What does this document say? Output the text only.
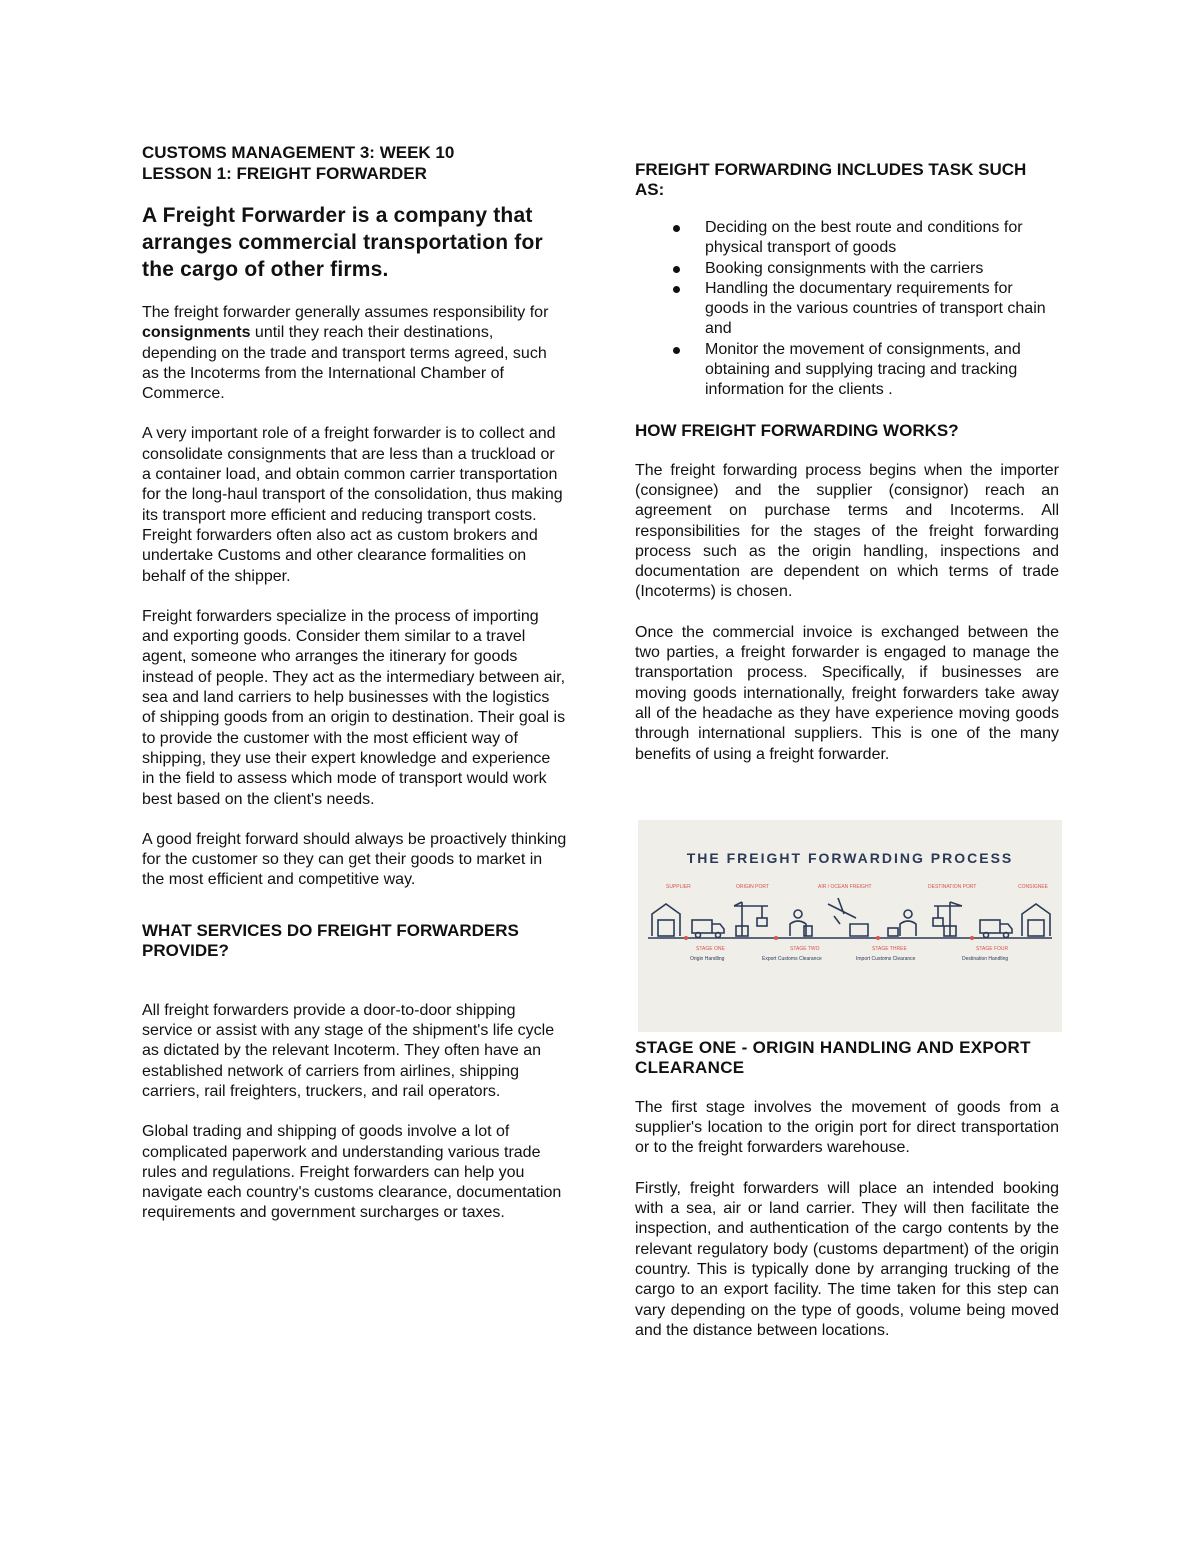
CUSTOMS MANAGEMENT 3: WEEK 10

LESSON 1: FREIGHT FORWARDER

A Freight Forwarder is a company that arranges commercial transportation for the cargo of other firms.

The freight forwarder generally assumes responsibility for consignments until they reach their destinations, depending on the trade and transport terms agreed, such as the Incoterms from the International Chamber of Commerce.

A very important role of a freight forwarder is to collect and consolidate consignments that are less than a truckload or a container load, and obtain common carrier transportation for the long-haul transport of the consolidation, thus making its transport more efficient and reducing transport costs. Freight forwarders often also act as custom brokers and undertake Customs and other clearance formalities on behalf of the shipper.

Freight forwarders specialize in the process of importing and exporting goods. Consider them similar to a travel agent, someone who arranges the itinerary for goods instead of people. They act as the intermediary between air, sea and land carriers to help businesses with the logistics of shipping goods from an origin to destination. Their goal is to provide the customer with the most efficient way of shipping, they use their expert knowledge and experience in the field to assess which mode of transport would work best based on the client's needs.

A good freight forward should always be proactively thinking for the customer so they can get their goods to market in the most efficient and competitive way.

WHAT SERVICES DO FREIGHT FORWARDERS PROVIDE?

All freight forwarders provide a door-to-door shipping service or assist with any stage of the shipment's life cycle as dictated by the relevant Incoterm. They often have an established network of carriers from airlines, shipping carriers, rail freighters, truckers, and rail operators.

Global trading and shipping of goods involve a lot of complicated paperwork and understanding various trade rules and regulations. Freight forwarders can help you navigate each country's customs clearance, documentation requirements and government surcharges or taxes.

FREIGHT FORWARDING INCLUDES TASK SUCH AS:

Deciding on the best route and conditions for physical transport of goods
Booking consignments with the carriers
Handling the documentary requirements for goods in the various countries of transport chain and
Monitor the movement of consignments, and obtaining and supplying tracing and tracking information for the clients .

HOW FREIGHT FORWARDING WORKS?

The freight forwarding process begins when the importer (consignee) and the supplier (consignor) reach an agreement on purchase terms and Incoterms. All responsibilities for the stages of the freight forwarding process such as the origin handling, inspections and documentation are dependent on which terms of trade (Incoterms) is chosen.

Once the commercial invoice is exchanged between the two parties, a freight forwarder is engaged to manage the transportation process. Specifically, if businesses are moving goods internationally, freight forwarders take away all of the headache as they have experience moving goods through international suppliers. This is one of the many benefits of using a freight forwarder.

STAGE ONE - ORIGIN HANDLING AND EXPORT CLEARANCE

The first stage involves the movement of goods from a supplier's location to the origin port for direct transportation or to the freight forwarders warehouse.

Firstly, freight forwarders will place an intended booking with a sea, air or land carrier. They will then facilitate the inspection, and authentication of the cargo contents by the relevant regulatory body (customs department) of the origin country. This is typically done by arranging trucking of the cargo to an export facility. The time taken for this step can vary depending on the type of goods, volume being moved and the distance between locations.

THE FREIGHT FORWARDING PROCESS
SUPPLIER	ORIGIN PORT	AIR / OCEAN FREIGHT	DESTINATION PORT	CONSIGNEE
STAGE ONE
Origin Handling
STAGE TWO
Export Customs Clearance
STAGE THREE
Import Customs Clearance
STAGE FOUR
Destination Handling
